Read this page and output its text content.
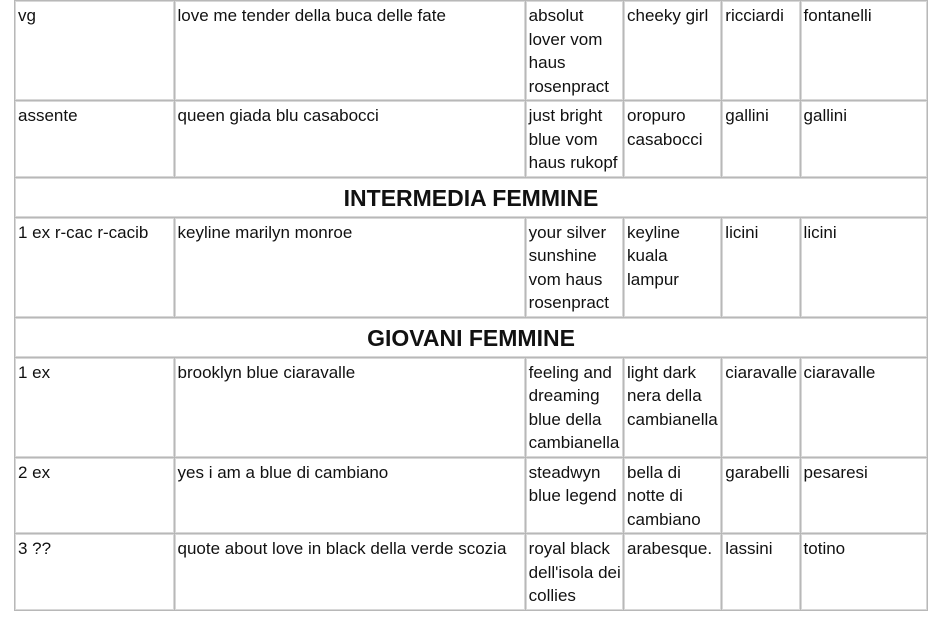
vg	love me tender della buca delle fate	absolut lover vom haus rosenpract	cheeky girl	ricciardi	fontanelli
assente	queen giada blu casabocci	just bright blue vom haus rukopf	oropuro casabocci	gallini	gallini
INTERMEDIA FEMMINE					
1 ex r-cac r-cacib	keyline marilyn monroe	your silver sunshine vom haus rosenpract	keyline kuala lampur	licini	licini
GIOVANI FEMMINE					
1 ex	brooklyn blue ciaravalle	feeling and dreaming blue della cambianella	light dark nera della cambianella	ciaravalle	ciaravalle
2 ex	yes i am a blue di cambiano	steadwyn blue legend	bella di notte di cambiano	garabelli	pesaresi
3 ??	quote about love in black della verde scozia	royal black dell'isola dei collies	arabesque.	lassini	totino
